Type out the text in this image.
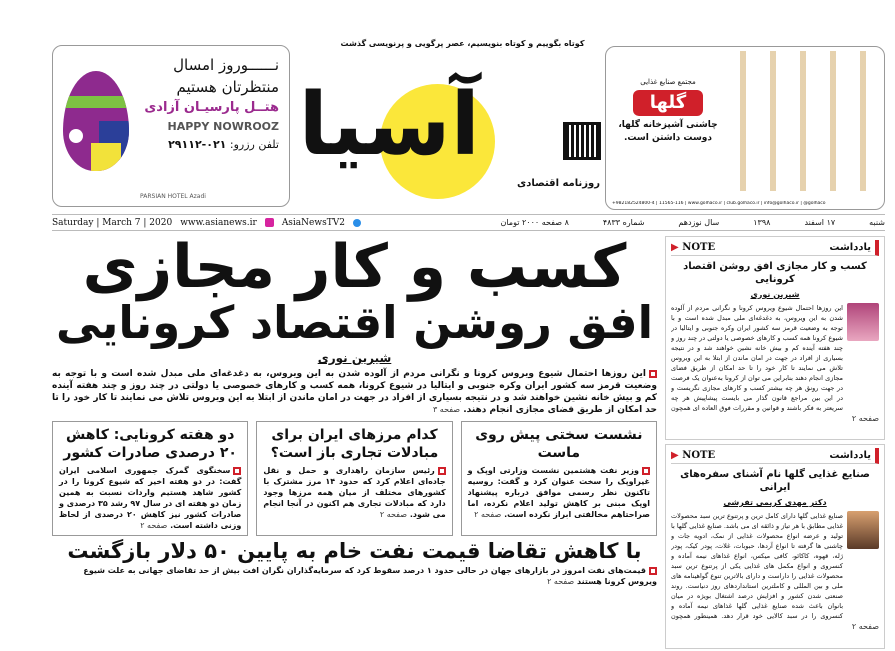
نــــــوروز امسال
منتظرتان هستیم
هتــل پارسیـان آزادی
HAPPY NOWROOZ
تلفن رزرو: ۰۲۱-۲۹۱۱۲
PARSIAN HOTEL Azadi
کوتاه بگوییم و کوتاه بنویسیم، عصر پرگویی و پرنویسی گذشت
آسیا
روزنامه اقتصادی
مجتمع صنایع غذایی
گلها
چاشنی آشپزخانه گلها،
دوست داشتن است.
+982182524800-4 | 11565-116 | www.golhaco.ir | club.golhaco.ir | info@golhaco.ir | @golhaco
Saturday | March 7 | 2020 www.asianews.ir	AsiaNewsTV2	شنبه
۱۷ اسفند
۱۳۹۸
سال نوزدهم
شماره ۴۸۳۳
۸ صفحه ۲۰۰۰ تومان
کسب و کار مجازی افق روشن اقتصاد کرونایی
شیرین نوری
این روزها احتمال شیوع ویروس کرونا و نگرانی مردم از آلوده شدن به این ویروس، به دغدغه‌ای ملی مبدل شده است و با توجه به وضعیت قرمز سه کشور ایران وکره جنوبی و ایتالیا در شیوع کرونا، همه کسب و کارهای خصوصی یا دولتی در چند روز و چند هفته آینده کم و بیش خانه نشین خواهند شد و در نتیجه بسیاری از افراد در جهت در امان ماندن از ابتلا به این ویروس تلاش می نمایند تا کار خود را تا حد امکان از طریق فضای مجازی انجام دهند. صفحه ۳
نشست سختی پیش روی ماست

وزیر نفت هشتمین نشست وزارتی اوپک و غیراوپک را سخت عنوان کرد و گفت: روسیه تاکنون نظر رسمی موافق درباره پیشنهاد اوپک مبنی بر کاهش تولید اعلام نکرده، اما صراحتاهم مخالفتی ابراز نکرده است. صفحه ۲

کدام مرزهای ایران برای مبادلات تجاری باز است؟

رئیس سازمان راهداری و حمل و نقل جاده‌ای اعلام کرد که حدود ۱۴ مرز مشترک با کشورهای مختلف از میان همه مرزها وجود دارد که مبادلات تجاری هم اکنون در آنجا انجام می شود. صفحه ۲

دو هفته کرونایی: کاهش ۲۰ درصدی صادرات کشور

سخنگوی گمرک جمهوری اسلامی ایران گفت: در دو هفته اخیر که شیوع کرونا را در کشور شاهد هستیم واردات نسبت به همین زمان دو هفته ای در سال ۹۷ رشد ۳۵ درصدی و صادرات کشور نیز کاهش ۲۰ درصدی از لحاظ وزنی داشته است. صفحه ۲

با کاهش تقاضا قیمت نفت خام به پایین ۵۰ دلار بازگشت
قیمت‌های نفت امروز در بازارهای جهان در حالی حدود ۱ درصد سقوط کرد که سرمایه‌گذاران نگران افت بیش از حد تقاضای جهانی به علت شیوع ویروس کرونا هستند صفحه ۲
یادداشت
▶ NOTE
کسب و کار مجازی افق روشن اقتصاد کرونایی
شیرین نوری

این روزها احتمال شیوع ویروس کرونا و نگرانی مردم از آلوده شدن به این ویروس، به دغدغه‌ای ملی مبدل شده است و با توجه به وضعیت قرمز سه کشور ایران وکره جنوبی و ایتالیا در شیوع کرونا همه کسب و کارهای خصوصی یا دولتی در چند روز و چند هفته آینده کم و بیش خانه نشین خواهند شد و در نتیجه بسیاری از افراد در جهت در امان ماندن از ابتلا به این ویروس تلاش می نمایند تا کار خود را تا حد امکان از طریق فضای مجازی انجام دهند بنابراین می توان از کرونا به‌عنوان یک فرصت در جهت رونق هر چه بیشتر کسب و کارهای مجازی نگریست و در این بین مراجع قانون گذار می بایست پیشاپیش هر چه سریعتر به فکر باشند و قوانین و مقررات فوق العاده ای همچون

صفحه ۲
یادداشت
▶ NOTE
صنایع غذایی گلها نام آشنای سفره‌های ایرانی
دکتر مهدی کریمی تفرشی

صنایع غذایی گلها دارای کامل ترین و پرتنوع ترین سبد محصولات غذایی مطابق با هر تیاز و ذائقه ای می باشد. صنایع غذایی گلها با تولید و عرضه انواع محصولات غذایی از نمک، ادویه جات و چاشنی ها گرفته تا انواع آردها، حبوبات، غلات، پودر کیک، پودر ژله، قهوه، کاکائو، کافی میکس، انواع غذاهای نیمه آماده و کنسروی و انواع مکمل های غذایی یکی از پرتنوع ترین سبد محصولات غذایی را داراست و دارای بالاترین تنوع گواهینامه های ملی و بین المللی و کاملترین استانداردهای روز دنیاست. روند صنعتی شدن کشور و افزایش درصد اشتغال بویژه در میان بانوان باعث شده صنایع غذایی گلها غذاهای نیمه آماده و کنسروی را در سبد کالایی خود قرار دهد. همینطور همچون

صفحه ۲
